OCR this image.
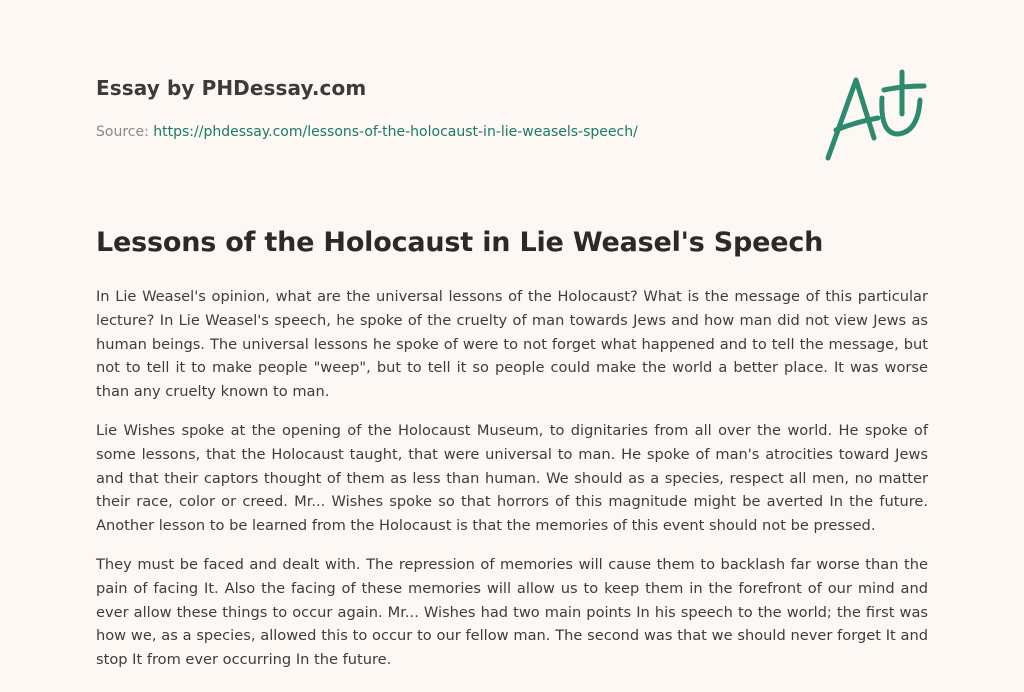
Essay by PHDessay.com
Source: https://phdessay.com/lessons-of-the-holocaust-in-lie-weasels-speech/
Lessons of the Holocaust in Lie Weasel's Speech

In Lie Weasel's opinion, what are the universal lessons of the Holocaust? What is the message of this particular lecture? In Lie Weasel's speech, he spoke of the cruelty of man towards Jews and how man did not view Jews as human beings. The universal lessons he spoke of were to not forget what happened and to tell the message, but not to tell it to make people "weep", but to tell it so people could make the world a better place. It was worse than any cruelty known to man.

Lie Wishes spoke at the opening of the Holocaust Museum, to dignitaries from all over the world. He spoke of some lessons, that the Holocaust taught, that were universal to man. He spoke of man's atrocities toward Jews and that their captors thought of them as less than human. We should as a species, respect all men, no matter their race, color or creed. Mr... Wishes spoke so that horrors of this magnitude might be averted In the future. Another lesson to be learned from the Holocaust is that the memories of this event should not be pressed.

They must be faced and dealt with. The repression of memories will cause them to backlash far worse than the pain of facing It. Also the facing of these memories will allow us to keep them in the forefront of our mind and ever allow these things to occur again. Mr... Wishes had two main points In his speech to the world; the first was how we, as a species, allowed this to occur to our fellow man. The second was that we should never forget It and stop It from ever occurring In the future.
